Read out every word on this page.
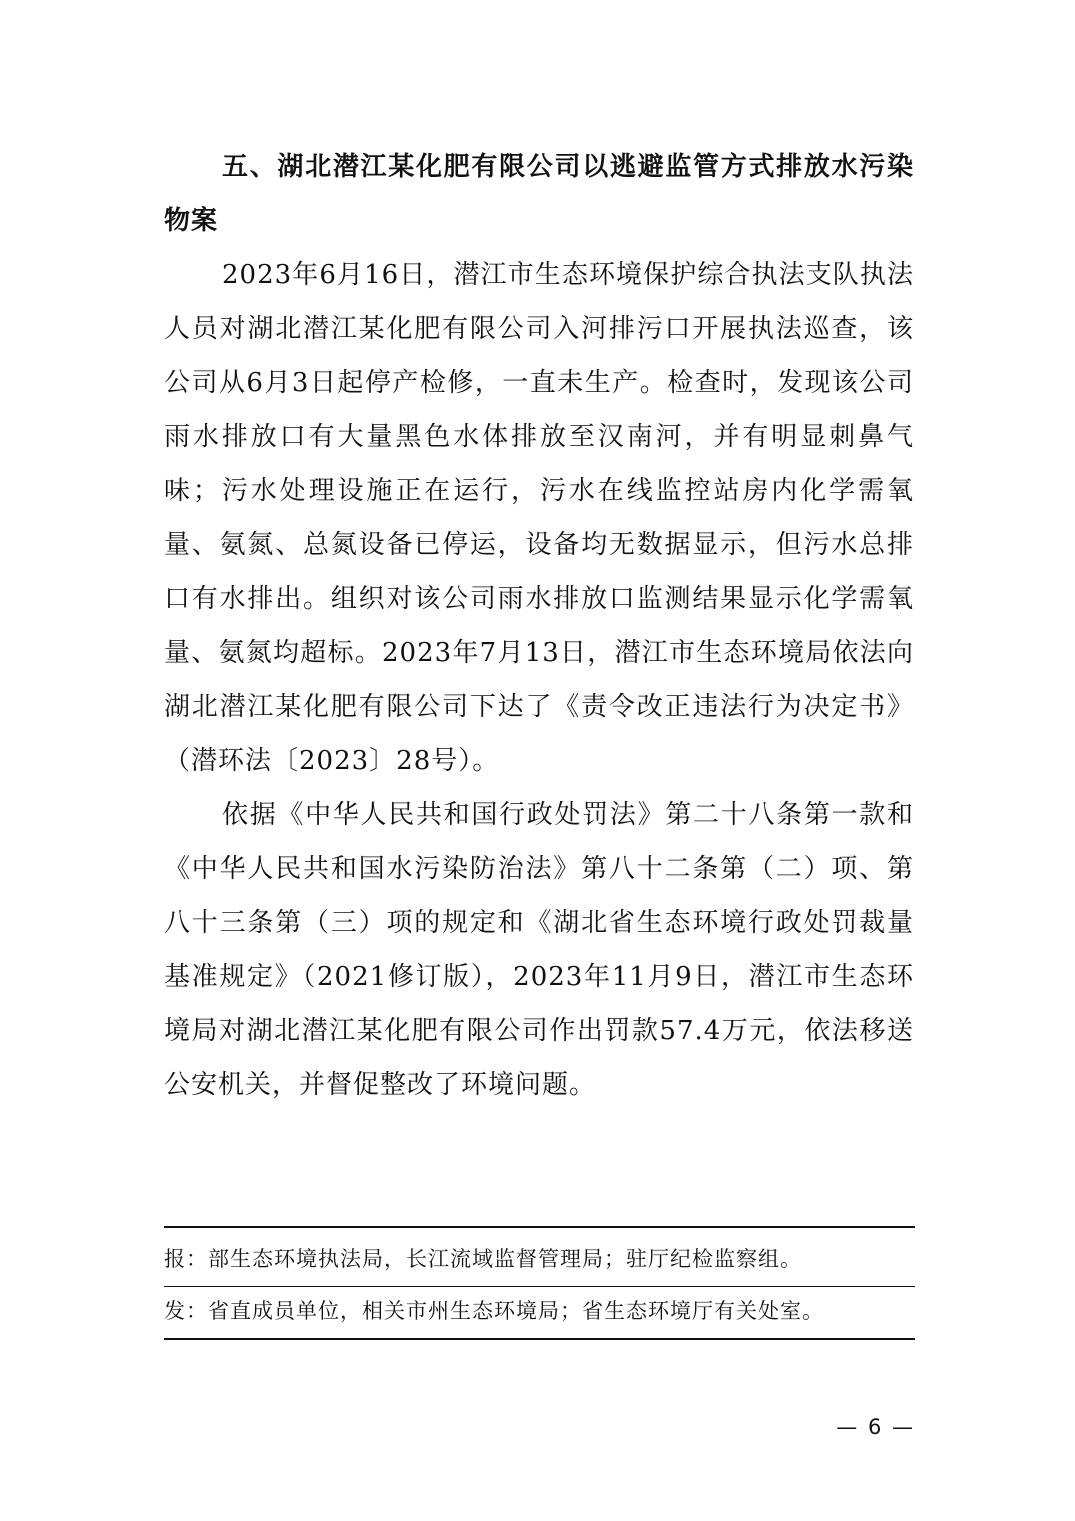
五、湖北潜江某化肥有限公司以逃避监管方式排放水污染物案
2023年6月16日，潜江市生态环境保护综合执法支队执法人员对湖北潜江某化肥有限公司入河排污口开展执法巡查，该公司从6月3日起停产检修，一直未生产。检查时，发现该公司雨水排放口有大量黑色水体排放至汉南河，并有明显刺鼻气味；污水处理设施正在运行，污水在线监控站房内化学需氧量、氨氮、总氮设备已停运，设备均无数据显示，但污水总排口有水排出。组织对该公司雨水排放口监测结果显示化学需氧量、氨氮均超标。2023年7月13日，潜江市生态环境局依法向湖北潜江某化肥有限公司下达了《责令改正违法行为决定书》（潜环法〔2023〕28号）。
依据《中华人民共和国行政处罚法》第二十八条第一款和《中华人民共和国水污染防治法》第八十二条第（二）项、第八十三条第（三）项的规定和《湖北省生态环境行政处罚裁量基准规定》（2021修订版），2023年11月9日，潜江市生态环境局对湖北潜江某化肥有限公司作出罚款57.4万元，依法移送公安机关，并督促整改了环境问题。
报：部生态环境执法局，长江流域监督管理局；驻厅纪检监察组。
发：省直成员单位，相关市州生态环境局；省生态环境厅有关处室。
— 6 —
